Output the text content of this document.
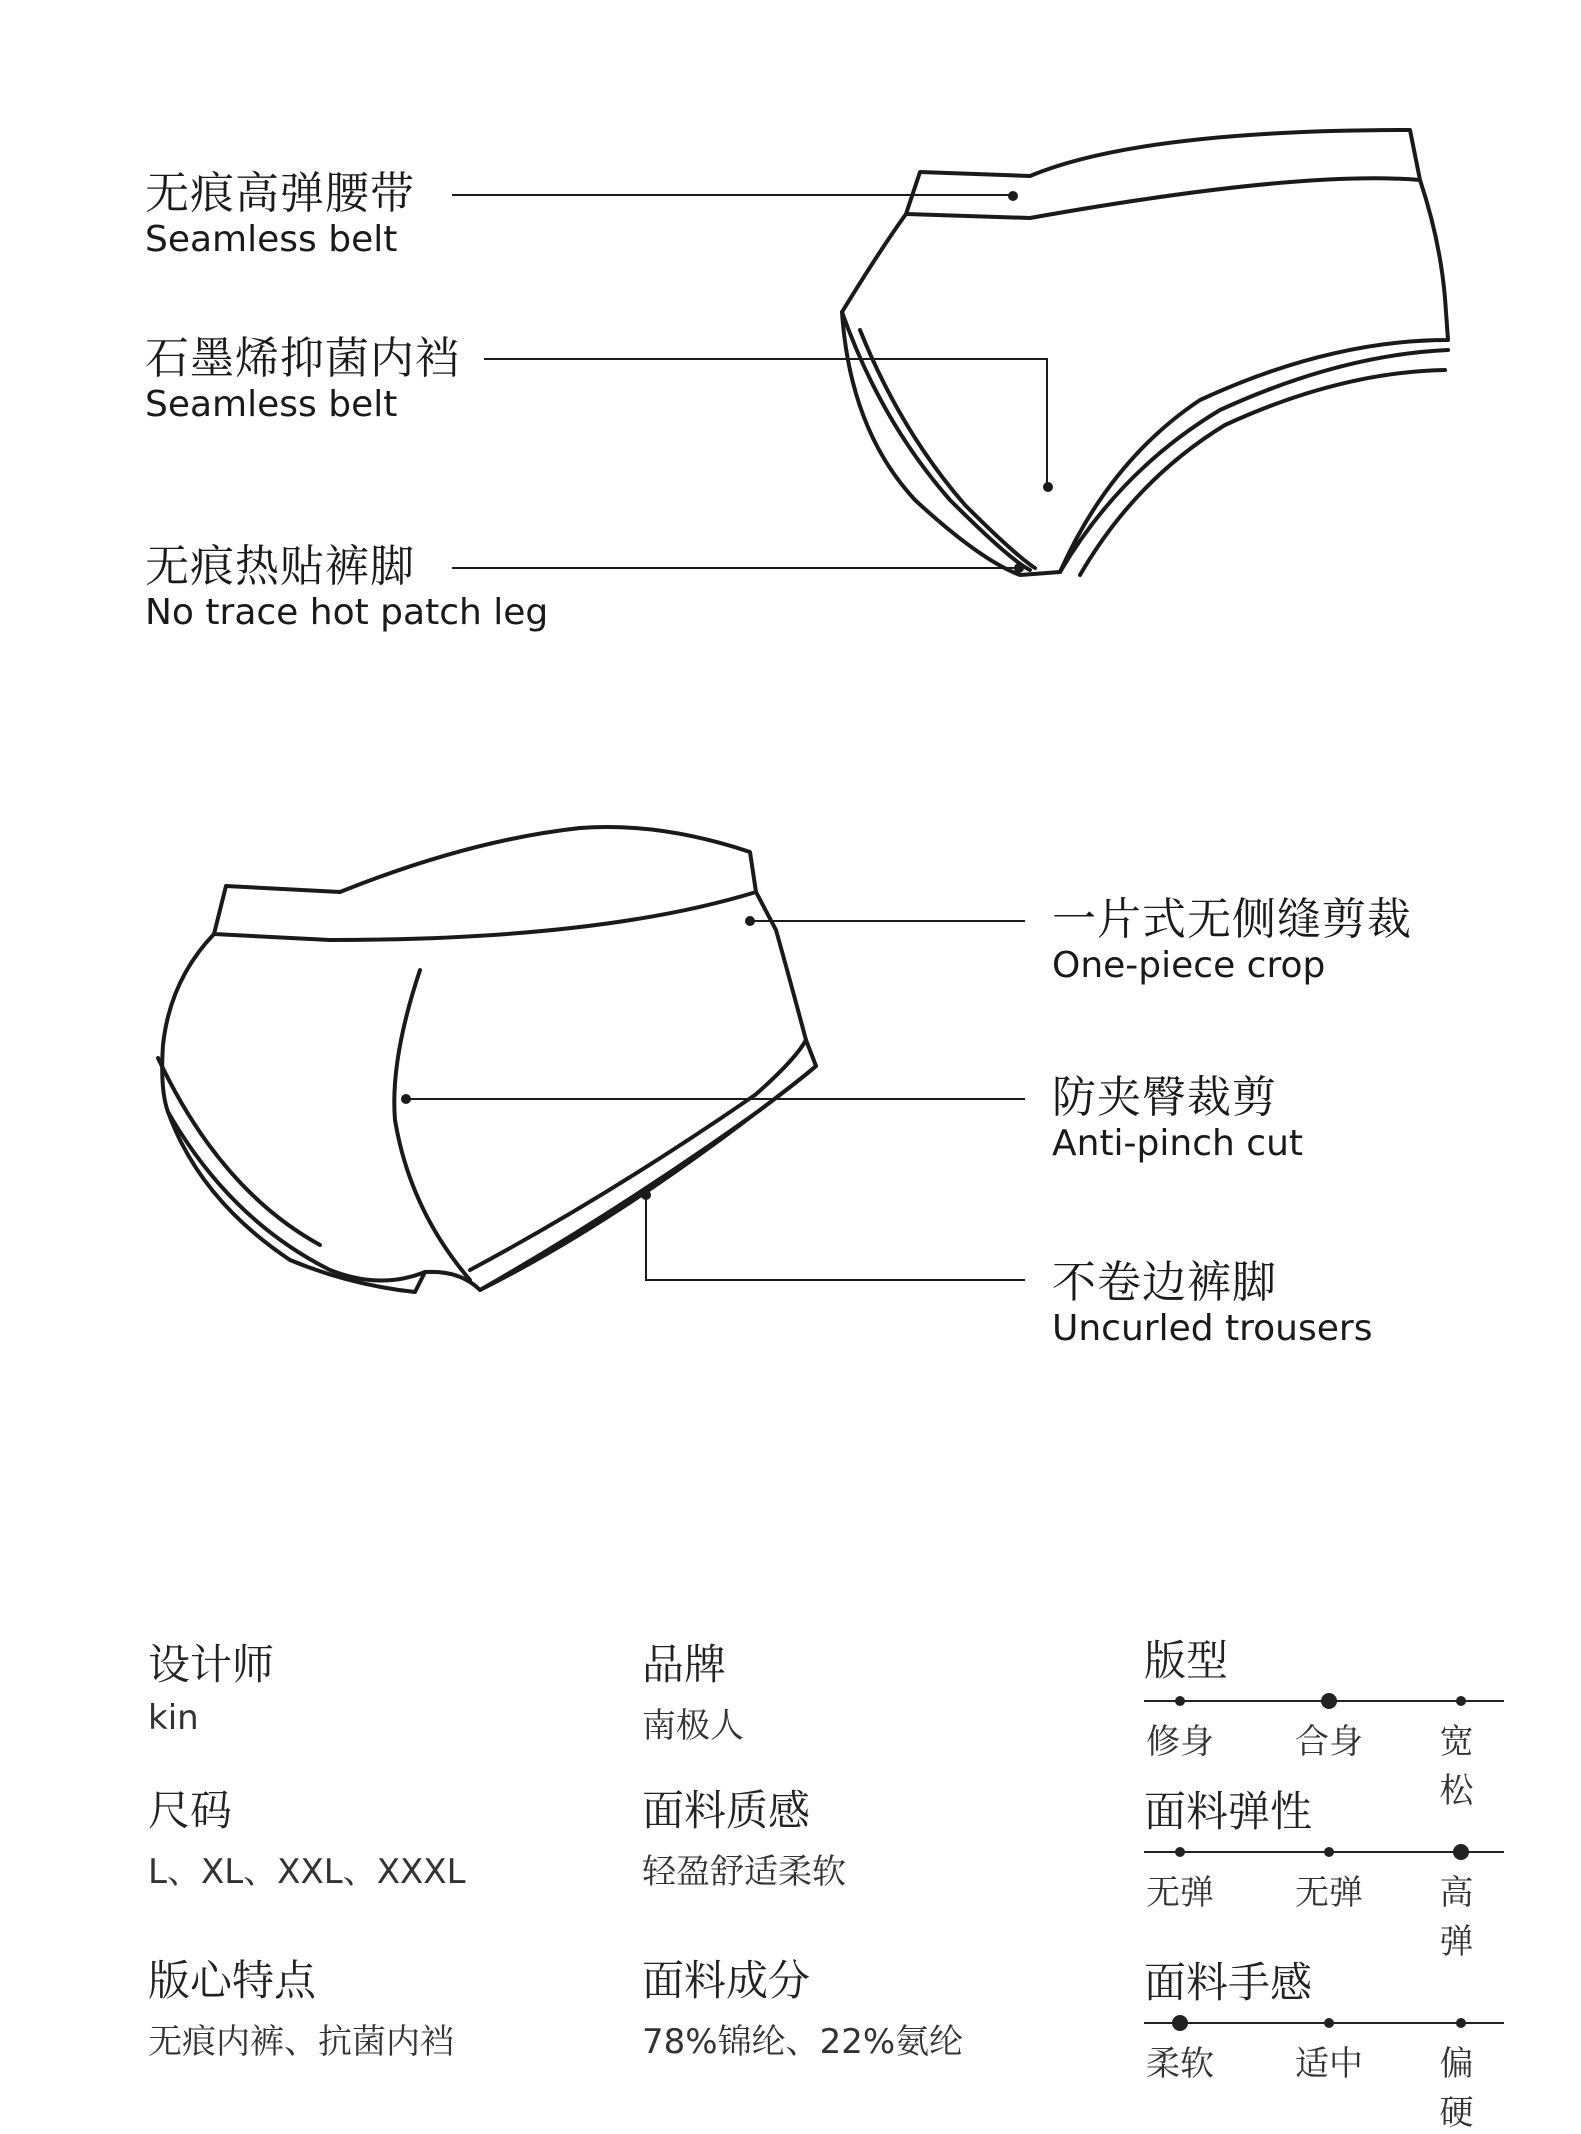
无痕高弹腰带
Seamless belt
石墨烯抑菌内裆
Seamless belt
无痕热贴裤脚
No trace hot patch leg
一片式无侧缝剪裁
One-piece crop
防夹臀裁剪
Anti-pinch cut
不卷边裤脚
Uncurled trousers
设计师
kin
品牌
南极人
尺码
L、XL、XXL、XXXL
面料质感
轻盈舒适柔软
版心特点
无痕内裤、抗菌内裆
面料成分
78%锦纶、22%氨纶
版型
修身 合身 宽松
面料弹性
无弹 无弹 高弹
面料手感
柔软 适中 偏硬
